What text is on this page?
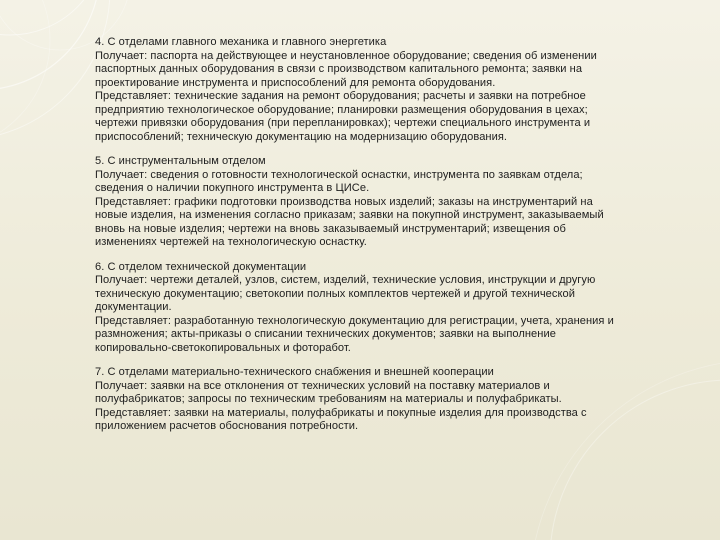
4. С отделами главного механика и главного энергетика
Получает: паспорта на действующее и неустановленное оборудование; сведения об изменении
паспортных данных оборудования в связи с производством капитального ремонта; заявки на
проектирование инструмента и приспособлений для ремонта оборудования.
Представляет: технические задания на ремонт оборудования; расчеты и заявки на потребное
предприятию технологическое оборудование; планировки размещения оборудования в цехах;
чертежи привязки оборудования (при перепланировках); чертежи специального инструмента и
приспособлений; техническую документацию на модернизацию оборудования.
5. С инструментальным отделом
Получает: сведения о готовности технологической оснастки, инструмента по заявкам отдела;
сведения о наличии покупного инструмента в ЦИСе.
Представляет: графики подготовки производства новых изделий; заказы на инструментарий на
новые изделия, на изменения согласно приказам; заявки на покупной инструмент, заказываемый
вновь на новые изделия; чертежи на вновь заказываемый инструментарий; извещения об
изменениях чертежей на технологическую оснастку.
6. С отделом технической документации
Получает: чертежи деталей, узлов, систем, изделий, технические условия, инструкции и другую
техническую документацию; светокопии полных комплектов чертежей и другой технической
документации.
Представляет: разработанную технологическую документацию для регистрации, учета, хранения и
размножения; акты-приказы о списании технических документов; заявки на выполнение
копировально-светокопировальных и фоторабот.
7. С отделами материально-технического снабжения и внешней кооперации
Получает: заявки на все отклонения от технических условий на поставку материалов и
полуфабрикатов; запросы по техническим требованиям на материалы и полуфабрикаты.
Представляет: заявки на материалы, полуфабрикаты и покупные изделия для производства с
приложением расчетов обоснования потребности.
